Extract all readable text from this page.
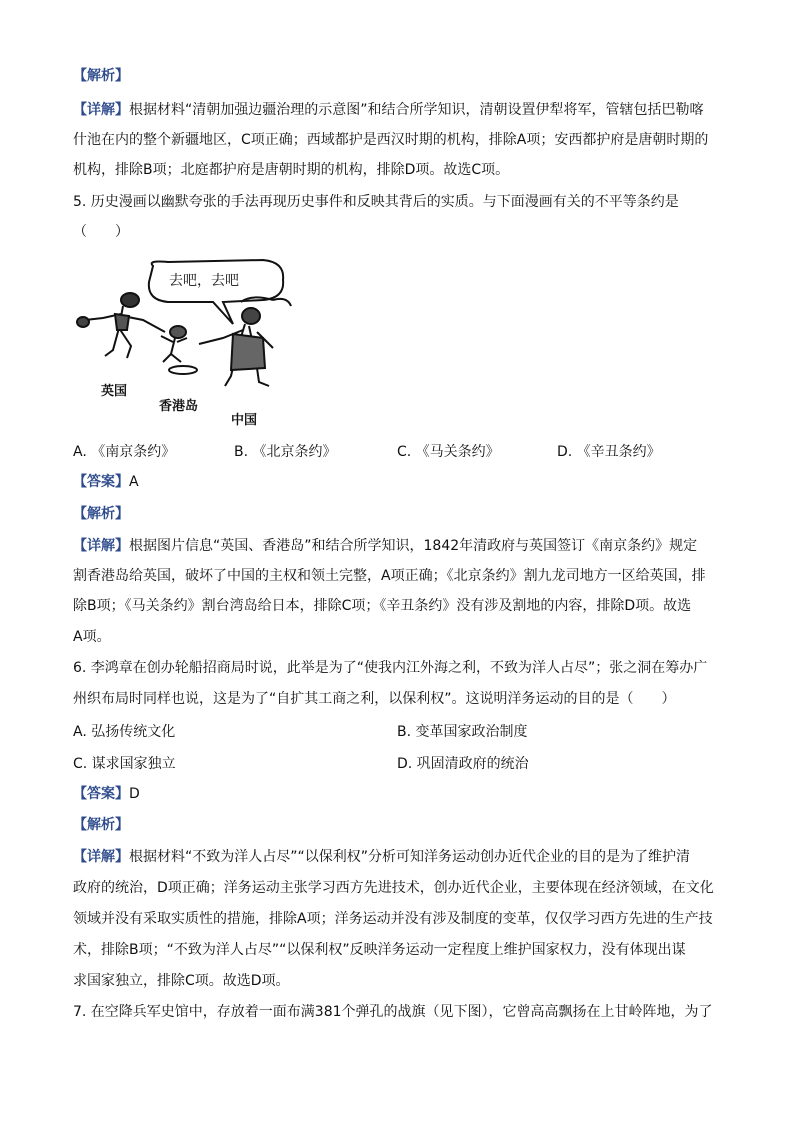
【解析】
【详解】根据材料“清朝加强边疆治理的示意图”和结合所学知识，清朝设置伊犁将军，管辖包括巴勒喀
什池在内的整个新疆地区，C项正确；西域都护是西汉时期的机构，排除A项；安西都护府是唐朝时期的
机构，排除B项；北庭都护府是唐朝时期的机构，排除D项。故选C项。
5. 历史漫画以幽默夸张的手法再现历史事件和反映其背后的实质。与下面漫画有关的不平等条约是
（　　）
去吧，去吧
英国
香港岛
中国
A. 《南京条约》	B. 《北京条约》	C. 《马关条约》	D. 《辛丑条约》
【答案】A
【解析】
【详解】根据图片信息“英国、香港岛”和结合所学知识，1842年清政府与英国签订《南京条约》规定
割香港岛给英国，破坏了中国的主权和领土完整，A项正确；《北京条约》割九龙司地方一区给英国，排
除B项；《马关条约》割台湾岛给日本，排除C项；《辛丑条约》没有涉及割地的内容，排除D项。故选
A项。
6. 李鸿章在创办轮船招商局时说，此举是为了“使我内江外海之利，不致为洋人占尽”；张之洞在筹办广
州织布局时同样也说，这是为了“自扩其工商之利，以保利权”。这说明洋务运动的目的是（　　）
A. 弘扬传统文化	B. 变革国家政治制度
C. 谋求国家独立	D. 巩固清政府的统治
【答案】D
【解析】
【详解】根据材料“不致为洋人占尽”“以保利权”分析可知洋务运动创办近代企业的目的是为了维护清
政府的统治，D项正确；洋务运动主张学习西方先进技术，创办近代企业，主要体现在经济领域，在文化
领域并没有采取实质性的措施，排除A项；洋务运动并没有涉及制度的变革，仅仅学习西方先进的生产技
术，排除B项；“不致为洋人占尽”“以保利权”反映洋务运动一定程度上维护国家权力，没有体现出谋
求国家独立，排除C项。故选D项。
7. 在空降兵军史馆中，存放着一面布满381个弹孔的战旗（见下图），它曾高高飘扬在上甘岭阵地，为了
